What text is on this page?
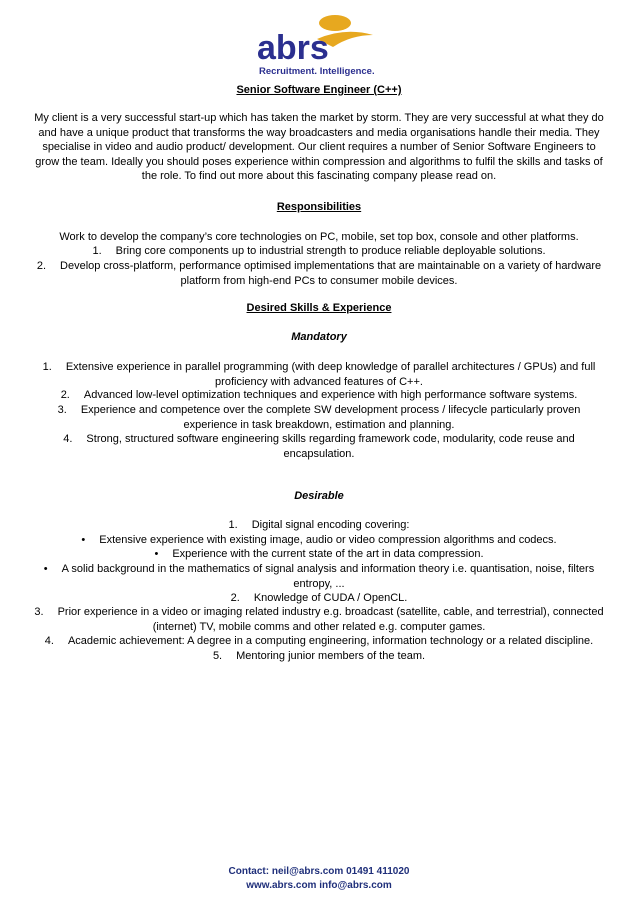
abrs
Recruitment. Intelligence.
Senior Software Engineer (C++)
My client is a very successful start-up which has taken the market by storm. They are very successful at what they do and have a unique product that transforms the way broadcasters and media organisations handle their media. They specialise in video and audio product/ development. Our client requires a number of Senior Software Engineers to grow the team. Ideally you should poses experience within compression and algorithms to fulfil the skills and tasks of the role. To find out more about this fascinating company please read on.
Responsibilities
Work to develop the company’s core technologies on PC, mobile, set top box, console and other platforms.
1. Bring core components up to industrial strength to produce reliable deployable solutions.
2. Develop cross-platform, performance optimised implementations that are maintainable on a variety of hardware platform from high-end PCs to consumer mobile devices.
Desired Skills & Experience
Mandatory
1. Extensive experience in parallel programming (with deep knowledge of parallel architectures / GPUs) and full proficiency with advanced features of C++.
2. Advanced low-level optimization techniques and experience with high performance software systems.
3. Experience and competence over the complete SW development process / lifecycle particularly proven experience in task breakdown, estimation and planning.
4. Strong, structured software engineering skills regarding framework code, modularity, code reuse and encapsulation.
Desirable
1. Digital signal encoding covering:
• Extensive experience with existing image, audio or video compression algorithms and codecs.
• Experience with the current state of the art in data compression.
• A solid background in the mathematics of signal analysis and information theory i.e. quantisation, noise, filters entropy, ...
2. Knowledge of CUDA / OpenCL.
3. Prior experience in a video or imaging related industry e.g. broadcast (satellite, cable, and terrestrial), connected (internet) TV, mobile comms and other related e.g. computer games.
4. Academic achievement: A degree in a computing engineering, information technology or a related discipline.
5. Mentoring junior members of the team.
Contact: neil@abrs.com 01491 411020
www.abrs.com info@abrs.com
